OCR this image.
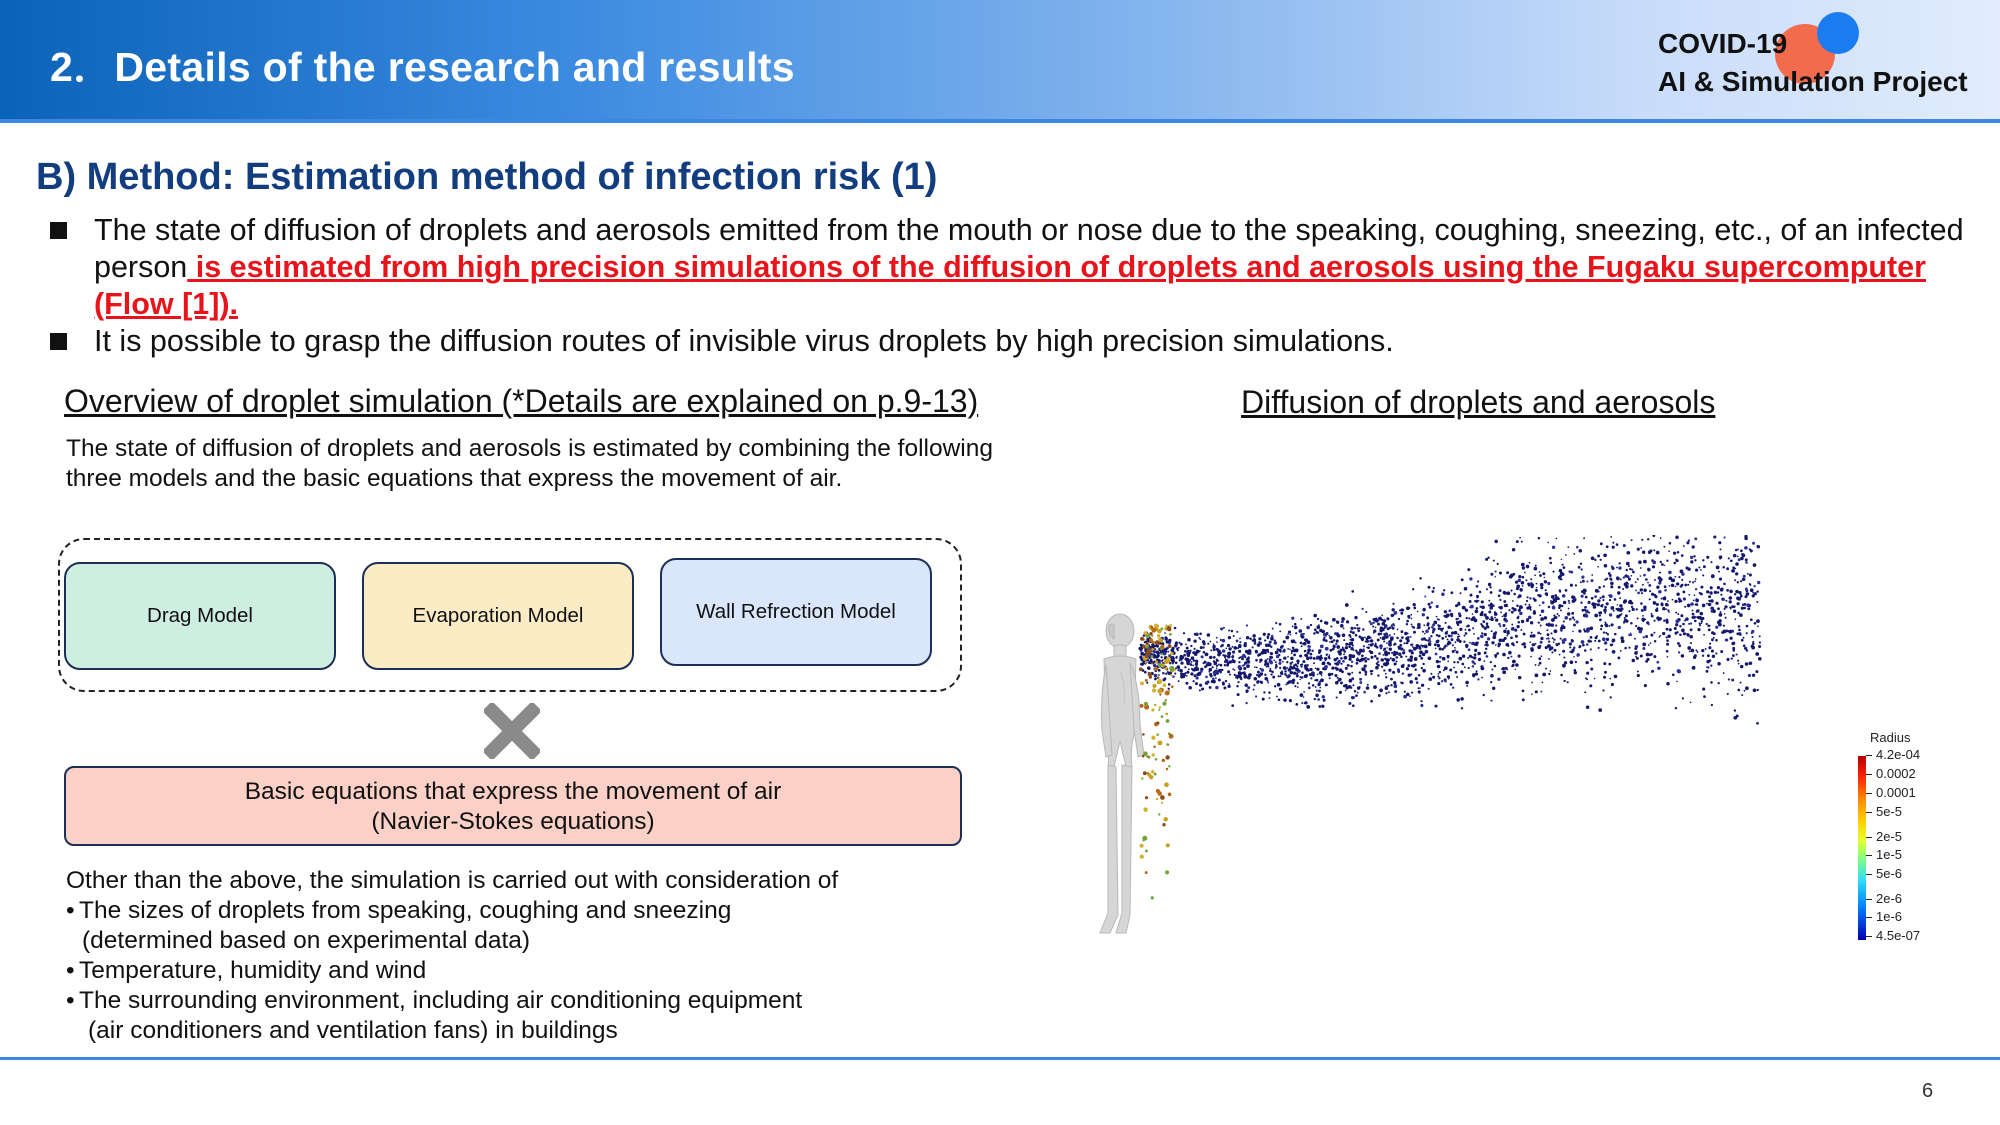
2．Details of the research and results
COVID-19
AI & Simulation Project
B) Method: Estimation method of infection risk (1)
The state of diffusion of droplets and aerosols emitted from the mouth or nose due to the speaking, coughing, sneezing, etc., of an infected person is estimated from high precision simulations of the diffusion of droplets and aerosols using the Fugaku supercomputer (Flow [1]).
It is possible to grasp the diffusion routes of invisible virus droplets by high precision simulations.
Overview of droplet simulation (*Details are explained on p.9-13)
The state of diffusion of droplets and aerosols is estimated by combining the following three models and the basic equations that express the movement of air.
Drag Model	Evaporation Model	Wall Refrection Model
Basic equations that express the movement of air
(Navier-Stokes equations)
Other than the above, the simulation is carried out with consideration of
• The sizes of droplets from speaking, coughing and sneezing
(determined based on experimental data)
• Temperature, humidity and wind
• The surrounding environment, including air conditioning equipment
(air conditioners and ventilation fans) in buildings
Diffusion of droplets and aerosols
Radius
4.2e-04
0.0002
0.0001
5e-5
2e-5
1e-5
5e-6
2e-6
1e-6
4.5e-07
6
